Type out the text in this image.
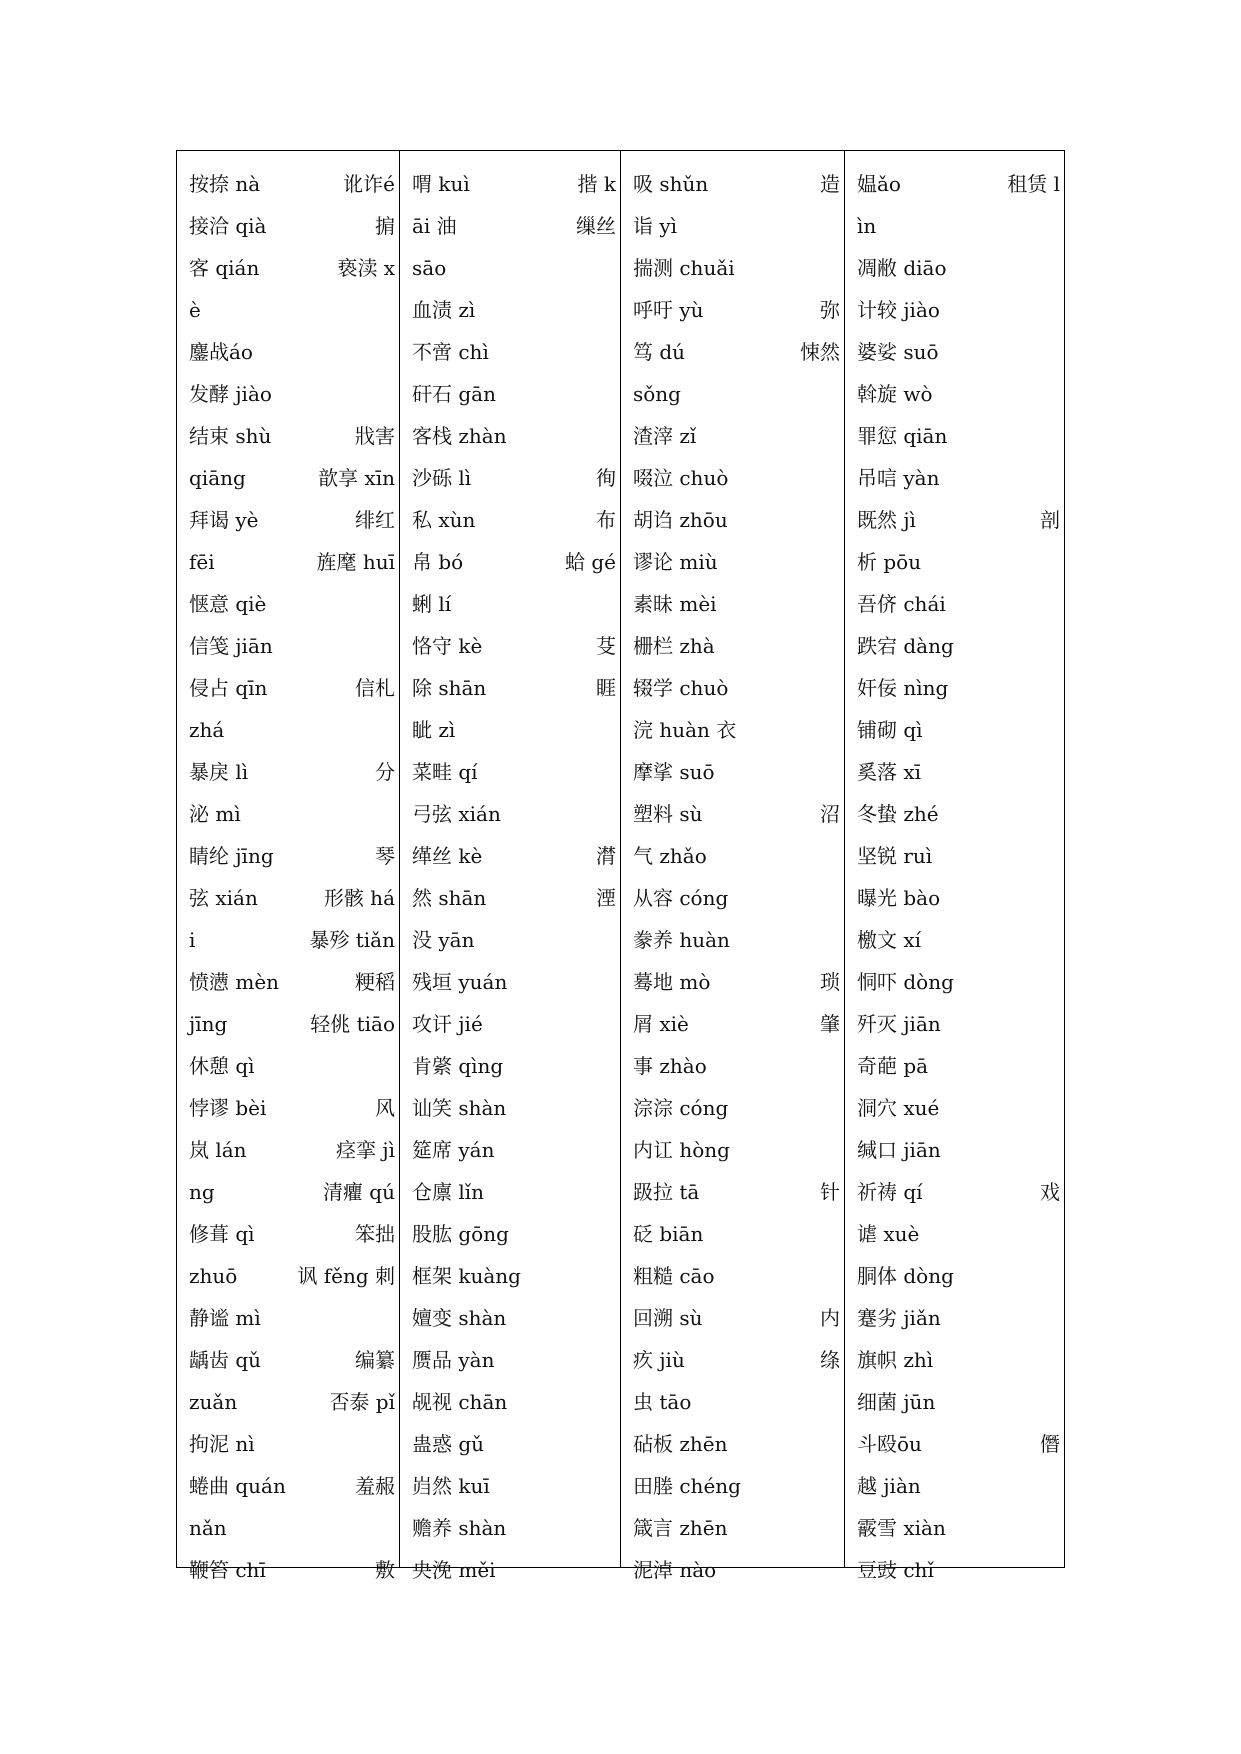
按捺 nà	讹诈é
接洽 qià	掮
客 qián	亵渎 x
è
鏖战áo
发酵 jiào
结束 shù	戕害
qiāng	歆享 xīn
拜谒 yè	绯红
fēi	旌麾 huī
惬意 qiè
信笺 jiān
侵占 qīn	信札
zhá
暴戾 lì	分
泌 mì
睛纶 jīng	琴
弦 xián	形骸 há
i	暴殄 tiǎn
愤懑 mèn	粳稻
jīng	轻佻 tiāo
休憩 qì
悖谬 bèi	风
岚 lán	痉挛 jì
ng	清癯 qú
修葺 qì	笨拙
zhuō	讽 fěng 刺
静谧 mì
龋齿 qǔ	编纂
zuǎn	否泰 pǐ
拘泥 nì
蜷曲 quán	羞赧
nǎn
鞭笞 chī	敷
喟 kuì	揩 k
āi 油	缫丝
sāo
血渍 zì
不啻 chì
矸石 gān
客栈 zhàn
沙砾 lì	徇
私 xùn	布
帛 bó	蛤 gé
蜊 lí
恪守 kè	芟
除 shān	睚
眦 zì
菜畦 qí
弓弦 xián
缂丝 kè	潸
然 shān	湮
没 yān
残垣 yuán
攻讦 jié
肯綮 qìng
讪笑 shàn
筵席 yán
仓廪 lǐn
股肱 gōng
框架 kuàng
嬗变 shàn
赝品 yàn
觇视 chān
蛊惑 gǔ
岿然 kuī
赡养 shàn
央浼 měi
吸 shǔn	造
诣 yì
揣测 chuǎi
呼吁 yù	弥
笃 dú	悚然
sǒng
渣滓 zǐ
啜泣 chuò
胡诌 zhōu
谬论 miù
素昧 mèi
栅栏 zhà
辍学 chuò
浣 huàn 衣
摩挲 suō
塑料 sù	沼
气 zhǎo
从容 cóng
豢养 huàn
蓦地 mò	琐
屑 xiè	肇
事 zhào
淙淙 cóng
内讧 hòng
趿拉 tā	针
砭 biān
粗糙 cāo
回溯 sù	内
疚 jiù	绦
虫 tāo
砧板 zhēn
田塍 chéng
箴言 zhēn
泥淖 nào
媪ǎo	租赁 l
ìn
凋敝 diāo
计较 jiào
婆娑 suō
斡旋 wò
罪愆 qiān
吊唁 yàn
既然 jì	剖
析 pōu
吾侪 chái
跌宕 dàng
奸佞 nìng
铺砌 qì
奚落 xī
冬蛰 zhé
坚锐 ruì
曝光 bào
檄文 xí
恫吓 dòng
歼灭 jiān
奇葩 pā
洞穴 xué
缄口 jiān
祈祷 qí	戏
谑 xuè
胴体 dòng
蹇劣 jiǎn
旗帜 zhì
细菌 jūn
斗殴ōu	僭
越 jiàn
霰雪 xiàn
豆豉 chǐ
